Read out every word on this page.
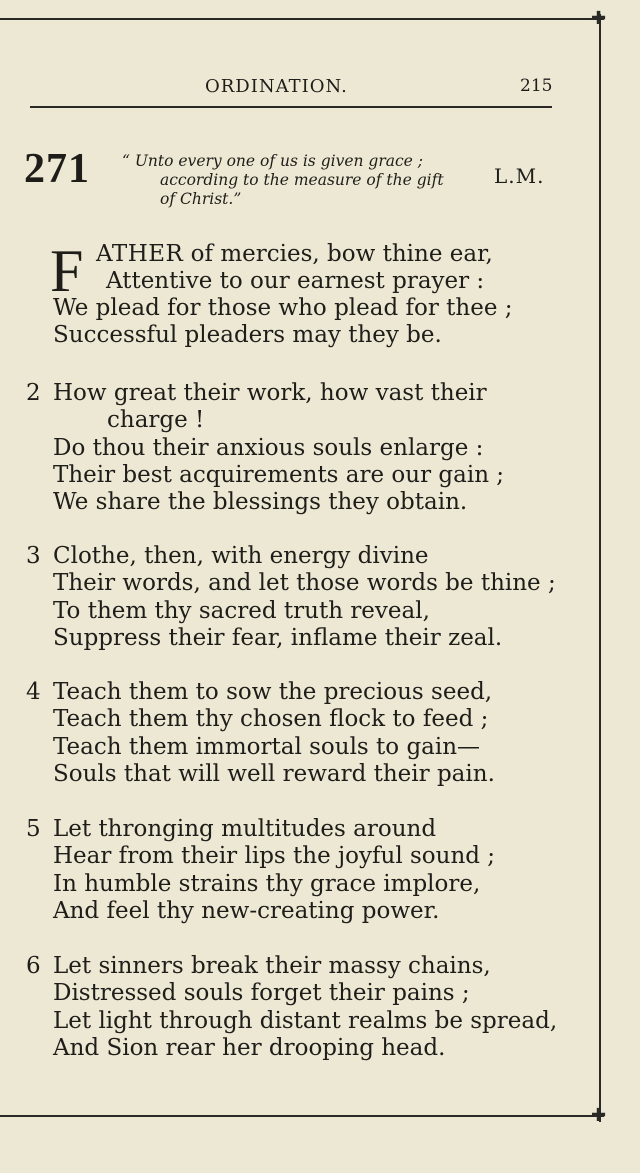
✚
✚
ORDINATION.	215
271 “ Unto every one of us is given grace ;
according to the measure of the gift
of Christ.”
L.M.
F ATHER of mercies, bow thine ear,
Attentive to our earnest prayer :
We plead for those who plead for thee ;
Successful pleaders may they be.
2 How great their work, how vast their
charge !
Do thou their anxious souls enlarge :
Their best acquirements are our gain ;
We share the blessings they obtain.
3 Clothe, then, with energy divine
Their words, and let those words be thine ;
To them thy sacred truth reveal,
Suppress their fear, inflame their zeal.
4 Teach them to sow the precious seed,
Teach them thy chosen flock to feed ;
Teach them immortal souls to gain—
Souls that will well reward their pain.
5 Let thronging multitudes around
Hear from their lips the joyful sound ;
In humble strains thy grace implore,
And feel thy new-creating power.
6 Let sinners break their massy chains,
Distressed souls forget their pains ;
Let light through distant realms be spread,
And Sion rear her drooping head.
